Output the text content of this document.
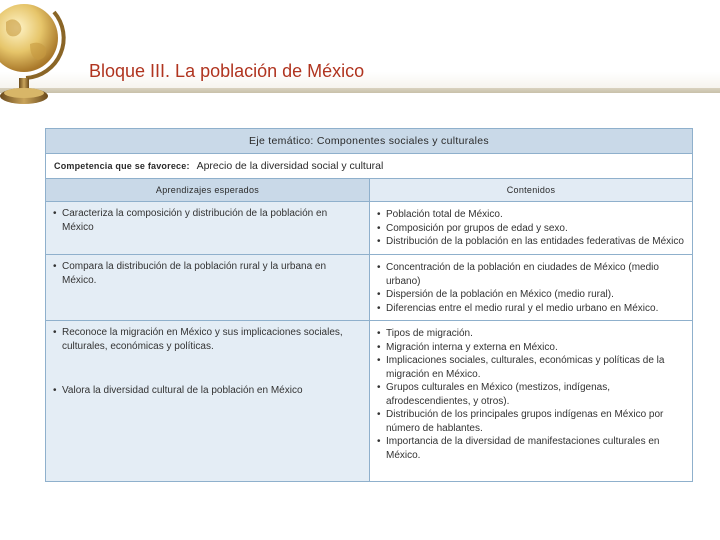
Bloque III. La población de México
Eje temático: Componentes sociales y culturales
Competencia que se favorece: Aprecio de la diversidad social y cultural
Aprendizajes esperados	Contenidos
• Caracteriza la composición y distribución de la población en México
• Población total de México.
• Composición por grupos de edad y sexo.
• Distribución de la población en las entidades federativas de México
• Compara la distribución de la población rural y la urbana en México.
• Concentración de la población en ciudades de México (medio urbano)
• Dispersión de la población en México (medio rural).
• Diferencias entre el medio rural y el medio urbano en México.
• Reconoce la migración en México y sus implicaciones sociales, culturales, económicas y políticas.
• Valora la diversidad cultural de la población en México
• Tipos de migración.
• Migración interna y externa en México.
• Implicaciones sociales, culturales, económicas y políticas de la migración en México.
• Grupos culturales en México (mestizos, indígenas, afrodescendientes, y otros).
• Distribución de los principales grupos indígenas en México por número de hablantes.
• Importancia de la diversidad de manifestaciones culturales en México.
